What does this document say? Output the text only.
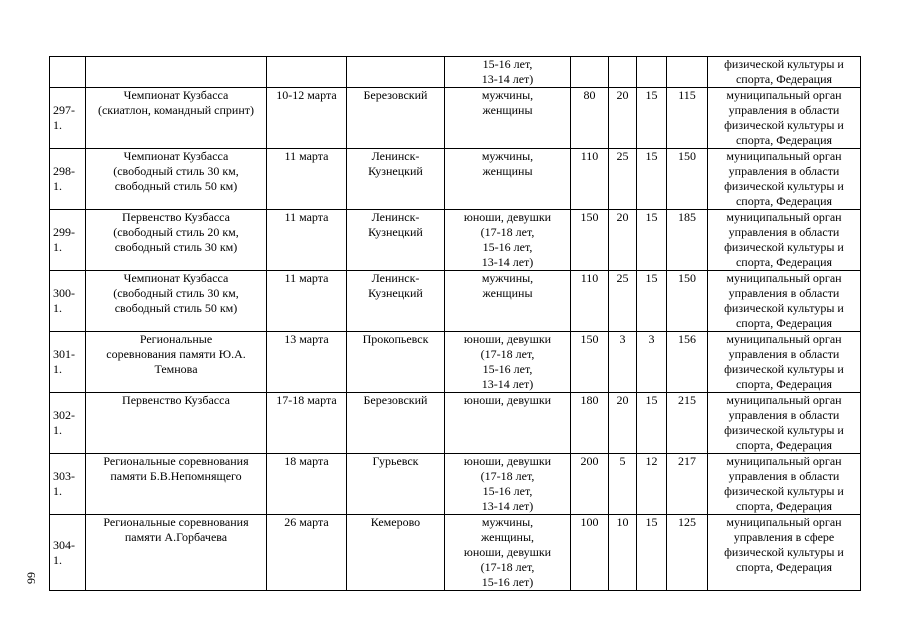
99
				15-16 лет,
13-14 лет)					физической культуры и
спорта, Федерация
297-1.	Чемпионат Кузбасса
(скиатлон, командный спринт)	10-12 марта	Березовский	мужчины,
женщины	80	20	15	115	муниципальный орган
управления в области
физической культуры и
спорта, Федерация
298-1.	Чемпионат Кузбасса
(свободный стиль 30 км,
свободный стиль 50 км)	11 марта	Ленинск-
Кузнецкий	мужчины,
женщины	110	25	15	150	муниципальный орган
управления в области
физической культуры и
спорта, Федерация
299-1.	Первенство Кузбасса
(свободный стиль 20 км,
свободный стиль 30 км)	11 марта	Ленинск-
Кузнецкий	юноши, девушки
(17-18 лет,
15-16 лет,
13-14 лет)	150	20	15	185	муниципальный орган
управления в области
физической культуры и
спорта, Федерация
300-1.	Чемпионат Кузбасса
(свободный стиль 30 км,
свободный стиль 50 км)	11 марта	Ленинск-
Кузнецкий	мужчины,
женщины	110	25	15	150	муниципальный орган
управления в области
физической культуры и
спорта, Федерация
301-1.	Региональные
соревнования памяти Ю.А.
Темнова	13 марта	Прокопьевск	юноши, девушки
(17-18 лет,
15-16 лет,
13-14 лет)	150	3	3	156	муниципальный орган
управления в области
физической культуры и
спорта, Федерация
302-1.	Первенство Кузбасса	17-18 марта	Березовский	юноши, девушки	180	20	15	215	муниципальный орган
управления в области
физической культуры и
спорта, Федерация
303-1.	Региональные соревнования
памяти Б.В.Непомнящего	18 марта	Гурьевск	юноши, девушки
(17-18 лет,
15-16 лет,
13-14 лет)	200	5	12	217	муниципальный орган
управления в области
физической культуры и
спорта, Федерация
304-1.	Региональные соревнования
памяти А.Горбачева	26 марта	Кемерово	мужчины,
женщины,
юноши, девушки
(17-18 лет,
15-16 лет)	100	10	15	125	муниципальный орган
управления в сфере
физической культуры и
спорта, Федерация
